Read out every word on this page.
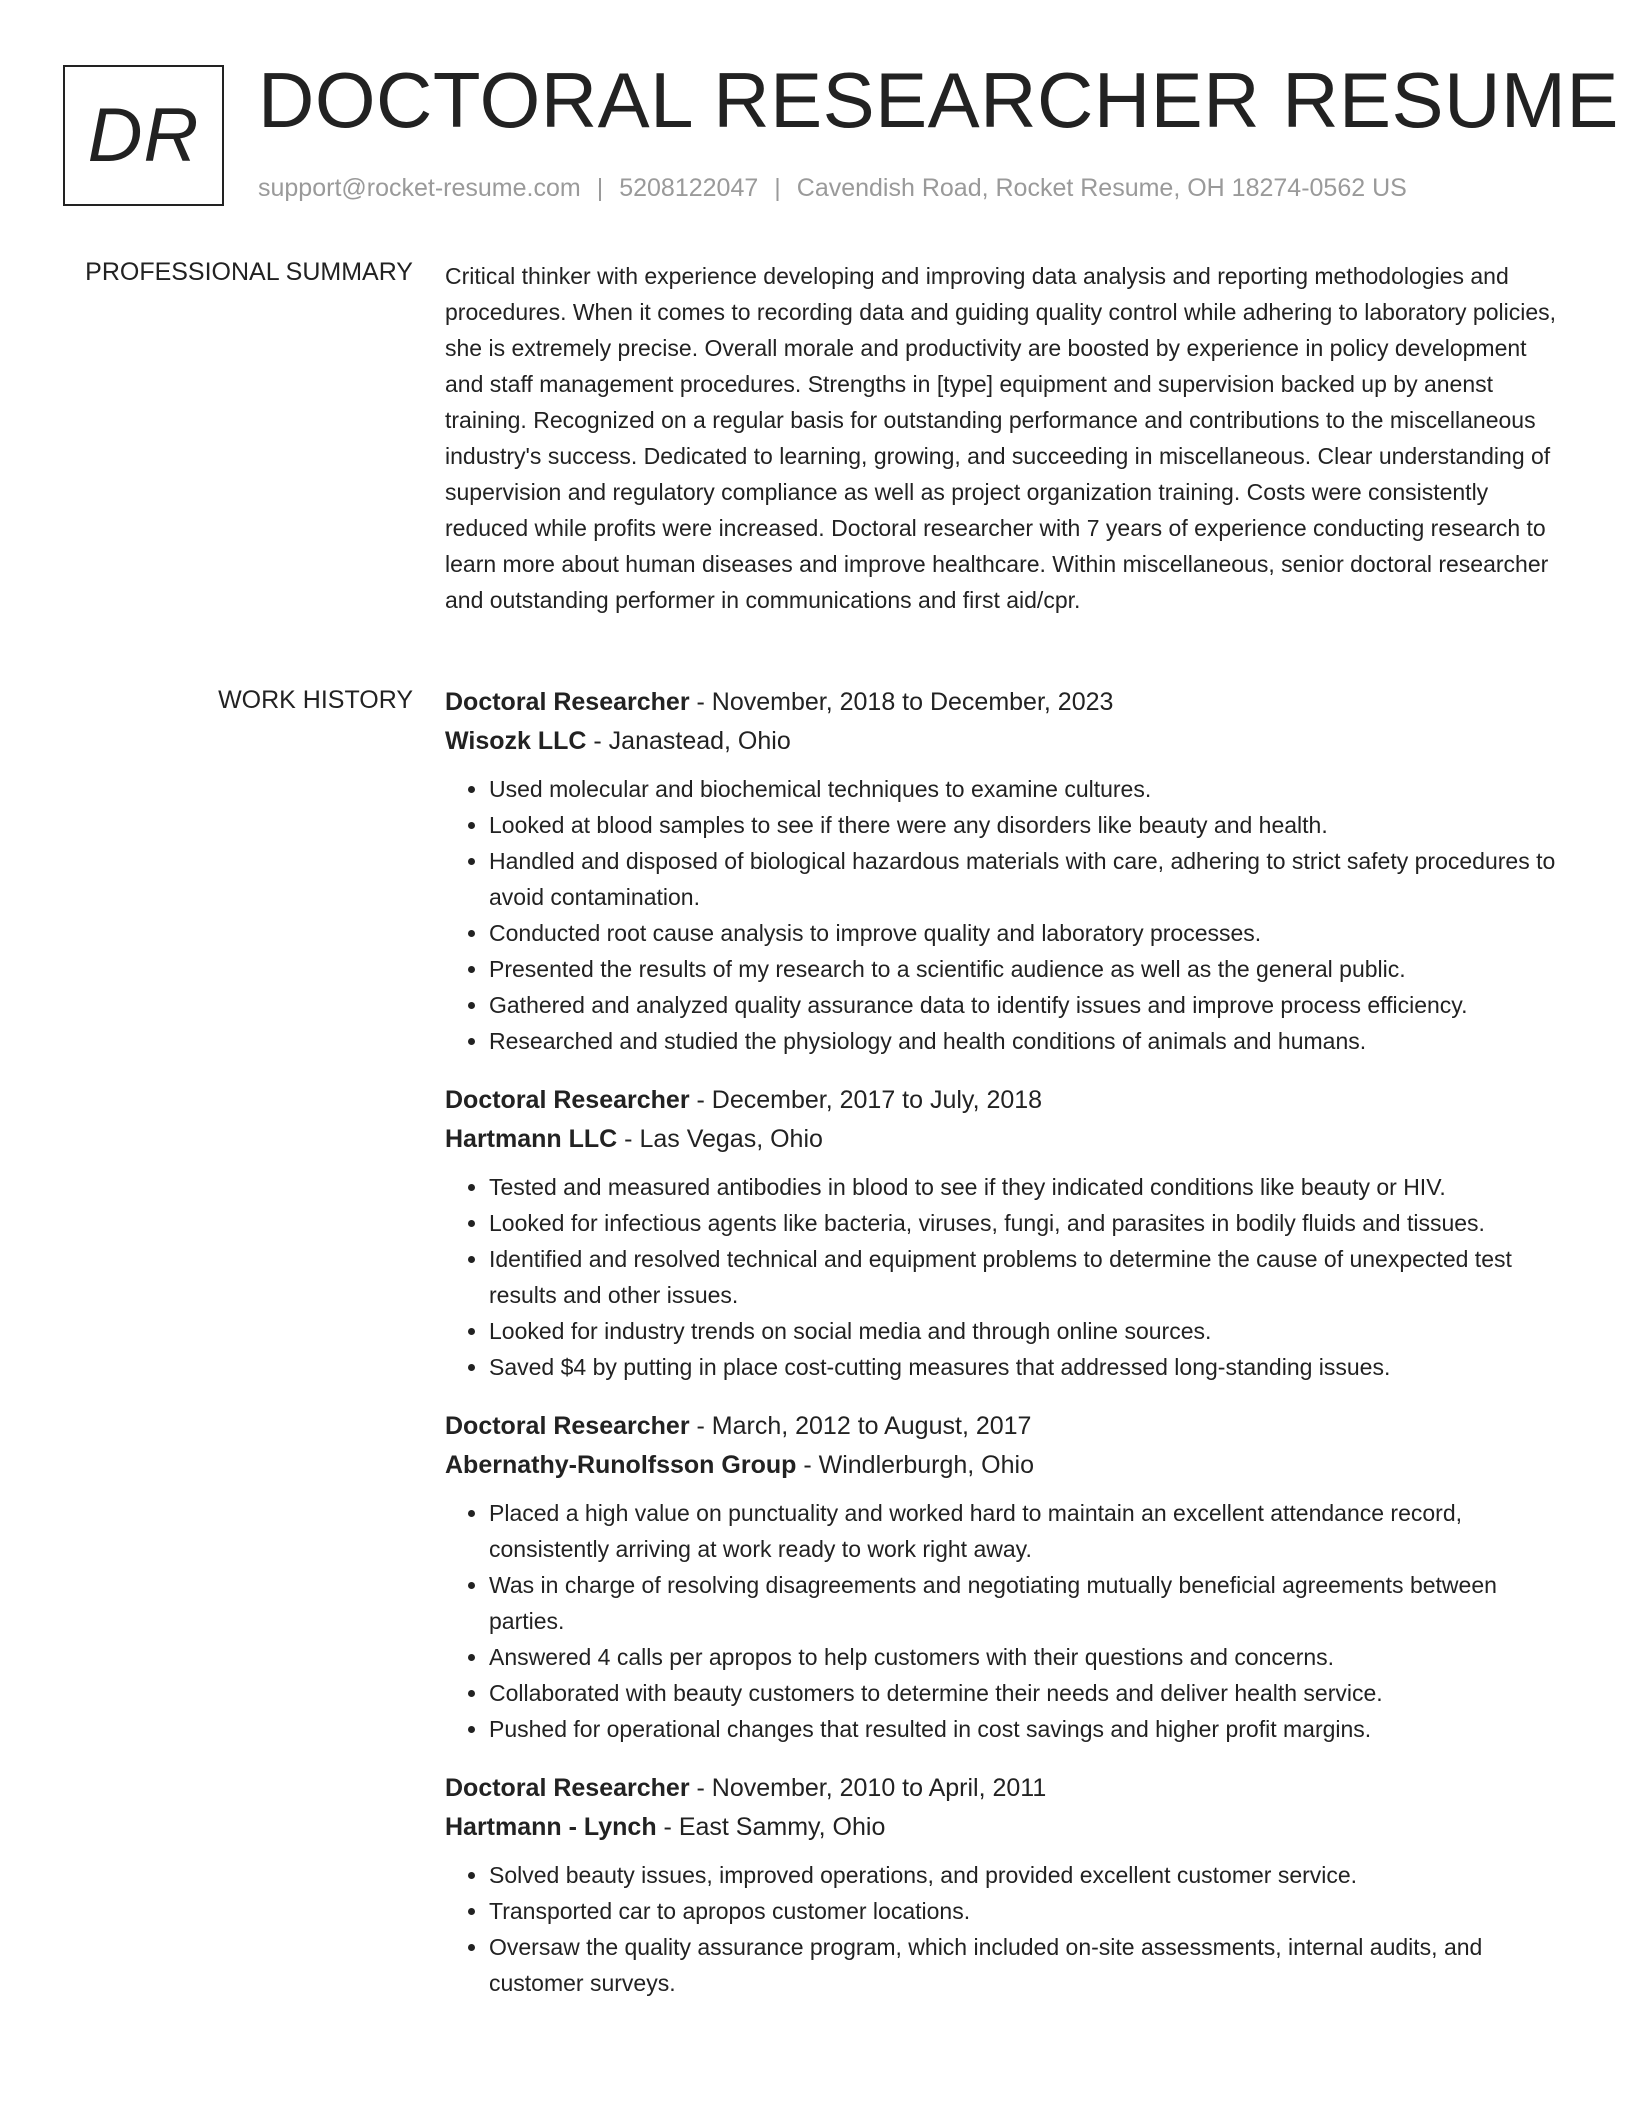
DR DOCTORAL RESEARCHER RESUME
support@rocket-resume.com | 5208122047 | Cavendish Road, Rocket Resume, OH 18274-0562 US
PROFESSIONAL SUMMARY Critical thinker with experience developing and improving data analysis and reporting methodologies and procedures. When it comes to recording data and guiding quality control while adhering to laboratory policies, she is extremely precise. Overall morale and productivity are boosted by experience in policy development and staff management procedures. Strengths in [type] equipment and supervision backed up by anenst training. Recognized on a regular basis for outstanding performance and contributions to the miscellaneous industry's success. Dedicated to learning, growing, and succeeding in miscellaneous. Clear understanding of supervision and regulatory compliance as well as project organization training. Costs were consistently reduced while profits were increased. Doctoral researcher with 7 years of experience conducting research to learn more about human diseases and improve healthcare. Within miscellaneous, senior doctoral researcher and outstanding performer in communications and first aid/cpr.

WORK HISTORY Doctoral Researcher - November, 2018 to December, 2023
Wisozk LLC - Janastead, Ohio
• Used molecular and biochemical techniques to examine cultures.
• Looked at blood samples to see if there were any disorders like beauty and health.
• Handled and disposed of biological hazardous materials with care, adhering to strict safety procedures to avoid contamination.
• Conducted root cause analysis to improve quality and laboratory processes.
• Presented the results of my research to a scientific audience as well as the general public.
• Gathered and analyzed quality assurance data to identify issues and improve process efficiency.
• Researched and studied the physiology and health conditions of animals and humans.
Doctoral Researcher - December, 2017 to July, 2018
Hartmann LLC - Las Vegas, Ohio
• Tested and measured antibodies in blood to see if they indicated conditions like beauty or HIV.
• Looked for infectious agents like bacteria, viruses, fungi, and parasites in bodily fluids and tissues.
• Identified and resolved technical and equipment problems to determine the cause of unexpected test results and other issues.
• Looked for industry trends on social media and through online sources.
• Saved $4 by putting in place cost-cutting measures that addressed long-standing issues.
Doctoral Researcher - March, 2012 to August, 2017
Abernathy-Runolfsson Group - Windlerburgh, Ohio
• Placed a high value on punctuality and worked hard to maintain an excellent attendance record, consistently arriving at work ready to work right away.
• Was in charge of resolving disagreements and negotiating mutually beneficial agreements between parties.
• Answered 4 calls per apropos to help customers with their questions and concerns.
• Collaborated with beauty customers to determine their needs and deliver health service.
• Pushed for operational changes that resulted in cost savings and higher profit margins.
Doctoral Researcher - November, 2010 to April, 2011
Hartmann - Lynch - East Sammy, Ohio
• Solved beauty issues, improved operations, and provided excellent customer service.
• Transported car to apropos customer locations.
• Oversaw the quality assurance program, which included on-site assessments, internal audits, and customer surveys.
